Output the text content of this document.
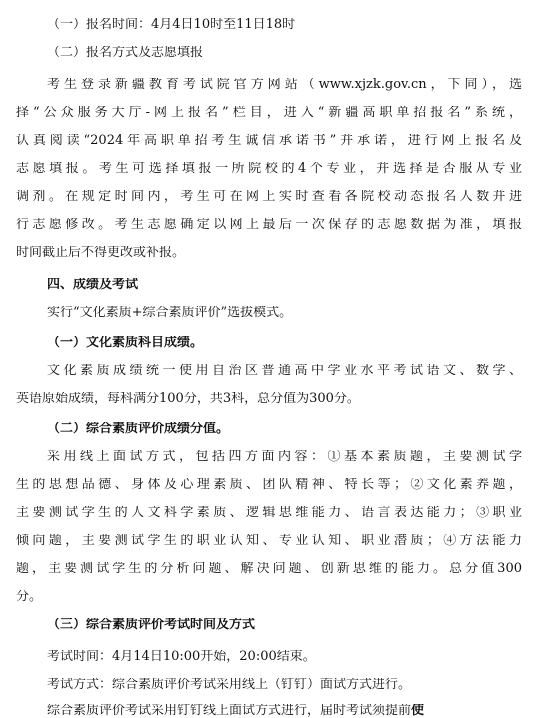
（一）报名时间：4月4日10时至11日18时
（二）报名方式及志愿填报
考生登录新疆教育考试院官方网站（www.xjzk.gov.cn，下同），选
择“公众服务大厅-网上报名”栏目，进入“新疆高职单招报名”系统，
认真阅读“2024年高职单招考生诚信承诺书”并承诺，进行网上报名及
志愿填报。考生可选择填报一所院校的4个专业，并选择是否服从专业
调剂。在规定时间内，考生可在网上实时查看各院校动态报名人数并进
行志愿修改。考生志愿确定以网上最后一次保存的志愿数据为准，填报
时间截止后不得更改或补报。
四、成绩及考试
实行“文化素质+综合素质评价”选拔模式。
（一）文化素质科目成绩。
文化素质成绩统一使用自治区普通高中学业水平考试语文、数学、
英语原始成绩，每科满分100分，共3科，总分值为300分。
（二）综合素质评价成绩分值。
采用线上面试方式，包括四方面内容：①基本素质题，主要测试学
生的思想品德、身体及心理素质、团队精神、特长等；②文化素养题，
主要测试学生的人文科学素质、逻辑思维能力、语言表达能力；③职业
倾向题，主要测试学生的职业认知、专业认知、职业潜质；④方法能力
题，主要测试学生的分析问题、解决问题、创新思维的能力。总分值300
分。
（三）综合素质评价考试时间及方式
考试时间：4月14日10:00开始，20:00结束。
考试方式：综合素质评价考试采用线上（钉钉）面试方式进行。
综合素质评价考试采用钉钉线上面试方式进行，届时考试须提前使
